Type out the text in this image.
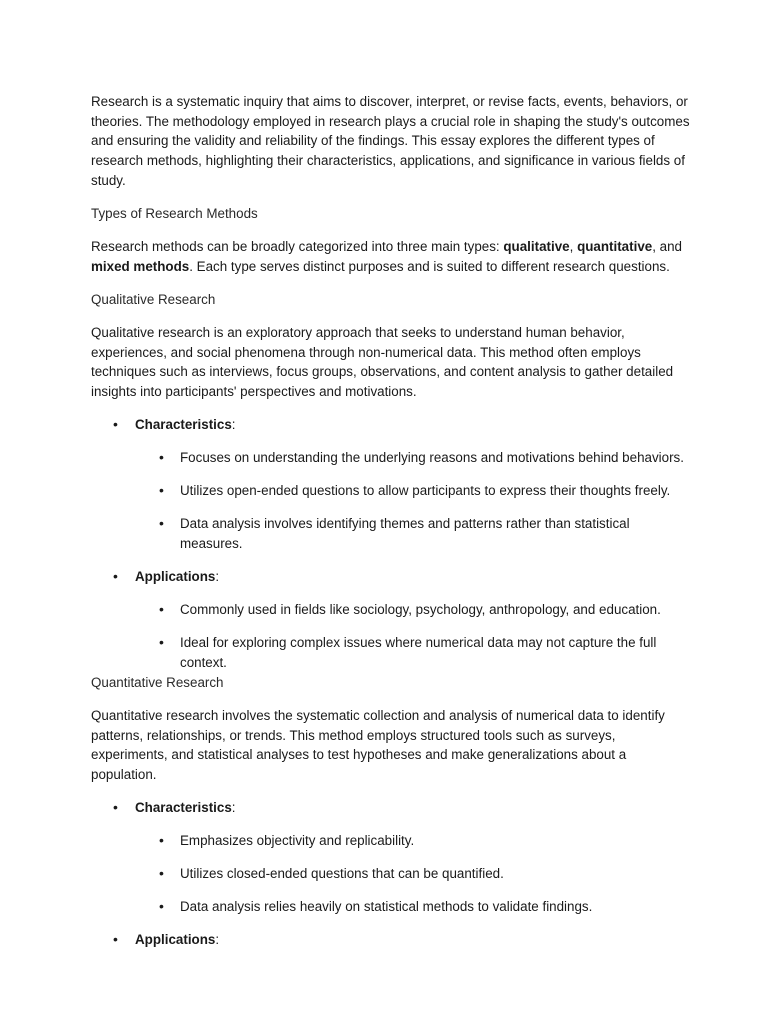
Research is a systematic inquiry that aims to discover, interpret, or revise facts, events, behaviors, or theories. The methodology employed in research plays a crucial role in shaping the study's outcomes and ensuring the validity and reliability of the findings. This essay explores the different types of research methods, highlighting their characteristics, applications, and significance in various fields of study.

Types of Research Methods

Research methods can be broadly categorized into three main types: qualitative, quantitative, and mixed methods. Each type serves distinct purposes and is suited to different research questions.

Qualitative Research

Qualitative research is an exploratory approach that seeks to understand human behavior, experiences, and social phenomena through non-numerical data. This method often employs techniques such as interviews, focus groups, observations, and content analysis to gather detailed insights into participants' perspectives and motivations.

• Characteristics:
• Focuses on understanding the underlying reasons and motivations behind behaviors.
• Utilizes open-ended questions to allow participants to express their thoughts freely.
• Data analysis involves identifying themes and patterns rather than statistical measures.
• Applications:
• Commonly used in fields like sociology, psychology, anthropology, and education.
• Ideal for exploring complex issues where numerical data may not capture the full context.

Quantitative Research

Quantitative research involves the systematic collection and analysis of numerical data to identify patterns, relationships, or trends. This method employs structured tools such as surveys, experiments, and statistical analyses to test hypotheses and make generalizations about a population.

• Characteristics:
• Emphasizes objectivity and replicability.
• Utilizes closed-ended questions that can be quantified.
• Data analysis relies heavily on statistical methods to validate findings.
• Applications:
